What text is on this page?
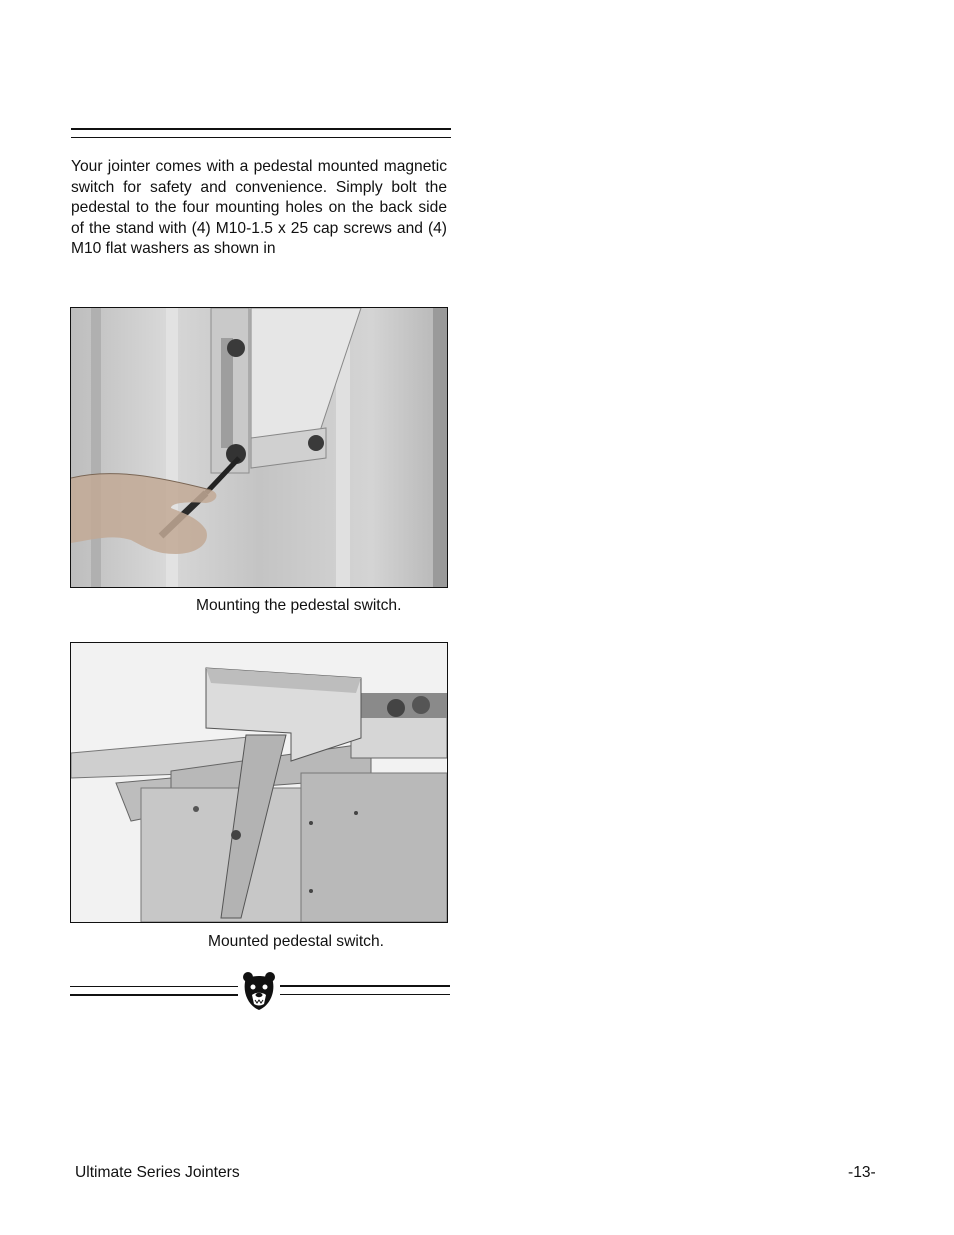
Your jointer comes with a pedestal mounted magnetic switch for safety and convenience. Simply bolt the pedestal to the four mounting holes on the back side of the stand with (4) M10-1.5 x 25 cap screws and (4) M10 flat washers as shown in

Mounting the pedestal switch.
Mounted pedestal switch.
Ultimate Series Jointers	-13-
